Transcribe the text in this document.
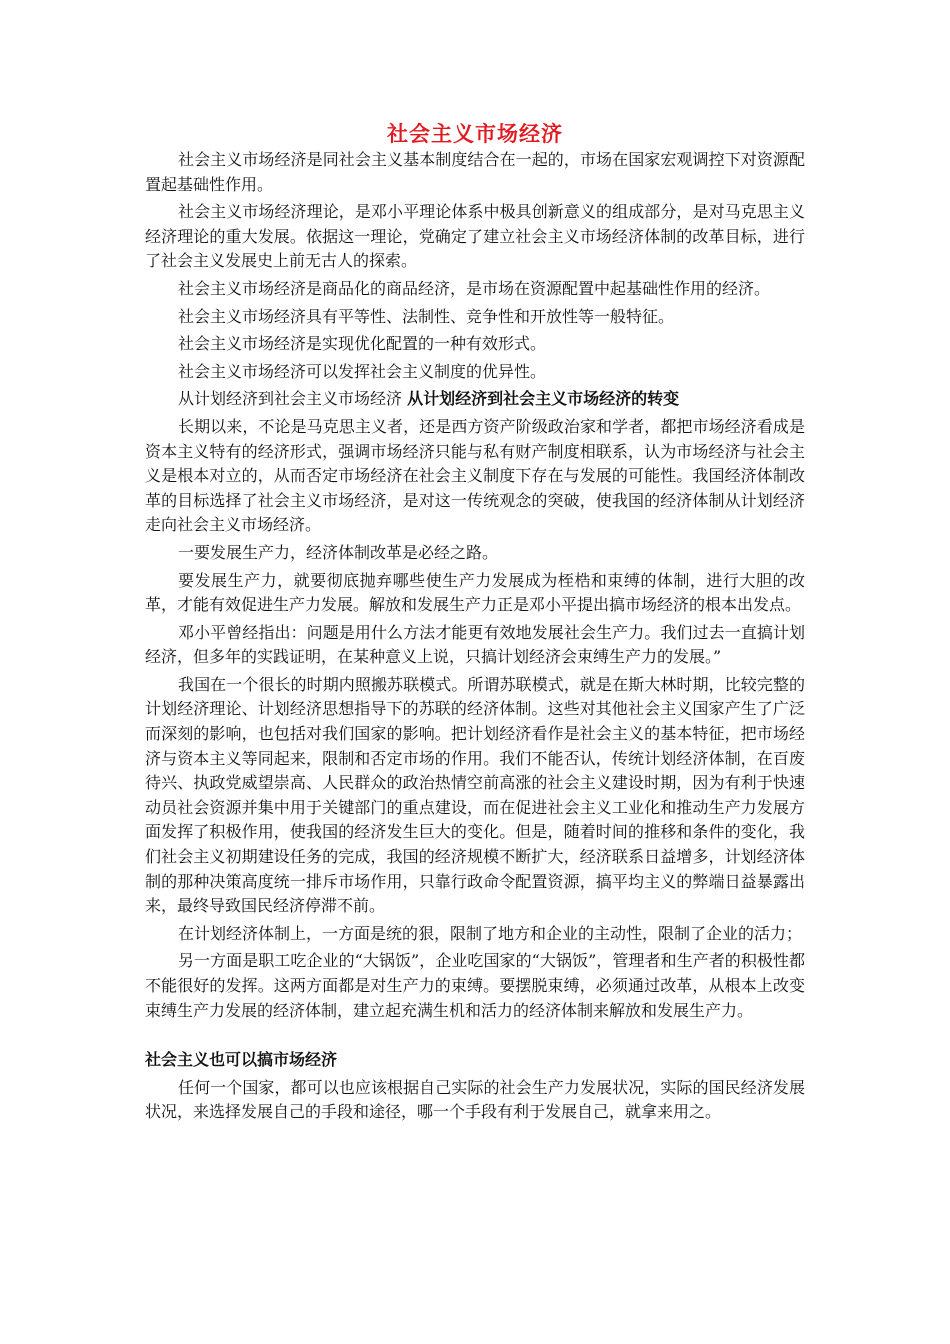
社会主义市场经济

社会主义市场经济是同社会主义基本制度结合在一起的，市场在国家宏观调控下对资源配置起基础性作用。

社会主义市场经济理论，是邓小平理论体系中极具创新意义的组成部分，是对马克思主义经济理论的重大发展。依据这一理论，党确定了建立社会主义市场经济体制的改革目标，进行了社会主义发展史上前无古人的探索。

社会主义市场经济是商品化的商品经济，是市场在资源配置中起基础性作用的经济。

社会主义市场经济具有平等性、法制性、竞争性和开放性等一般特征。

社会主义市场经济是实现优化配置的一种有效形式。

社会主义市场经济可以发挥社会主义制度的优异性。

从计划经济到社会主义市场经济 从计划经济到社会主义市场经济的转变

长期以来，不论是马克思主义者，还是西方资产阶级政治家和学者，都把市场经济看成是资本主义特有的经济形式，强调市场经济只能与私有财产制度相联系，认为市场经济与社会主义是根本对立的，从而否定市场经济在社会主义制度下存在与发展的可能性。我国经济体制改革的目标选择了社会主义市场经济，是对这一传统观念的突破，使我国的经济体制从计划经济走向社会主义市场经济。

一要发展生产力，经济体制改革是必经之路。

要发展生产力，就要彻底抛弃哪些使生产力发展成为桎梏和束缚的体制，进行大胆的改革，才能有效促进生产力发展。解放和发展生产力正是邓小平提出搞市场经济的根本出发点。

邓小平曾经指出：问题是用什么方法才能更有效地发展社会生产力。我们过去一直搞计划经济，但多年的实践证明，在某种意义上说，只搞计划经济会束缚生产力的发展。”

我国在一个很长的时期内照搬苏联模式。所谓苏联模式，就是在斯大林时期，比较完整的计划经济理论、计划经济思想指导下的苏联的经济体制。这些对其他社会主义国家产生了广泛而深刻的影响，也包括对我们国家的影响。把计划经济看作是社会主义的基本特征，把市场经济与资本主义等同起来，限制和否定市场的作用。我们不能否认，传统计划经济体制，在百废待兴、执政党威望崇高、人民群众的政治热情空前高涨的社会主义建设时期，因为有利于快速动员社会资源并集中用于关键部门的重点建设，而在促进社会主义工业化和推动生产力发展方面发挥了积极作用，使我国的经济发生巨大的变化。但是，随着时间的推移和条件的变化，我们社会主义初期建设任务的完成，我国的经济规模不断扩大，经济联系日益增多，计划经济体制的那种决策高度统一排斥市场作用，只靠行政命令配置资源，搞平均主义的弊端日益暴露出来，最终导致国民经济停滞不前。

在计划经济体制上，一方面是统的狠，限制了地方和企业的主动性，限制了企业的活力；

另一方面是职工吃企业的“大锅饭”，企业吃国家的“大锅饭”，管理者和生产者的积极性都不能很好的发挥。这两方面都是对生产力的束缚。要摆脱束缚，必须通过改革，从根本上改变束缚生产力发展的经济体制，建立起充满生机和活力的经济体制来解放和发展生产力。

社会主义也可以搞市场经济

任何一个国家，都可以也应该根据自己实际的社会生产力发展状况，实际的国民经济发展状况，来选择发展自己的手段和途径，哪一个手段有利于发展自己，就拿来用之。
